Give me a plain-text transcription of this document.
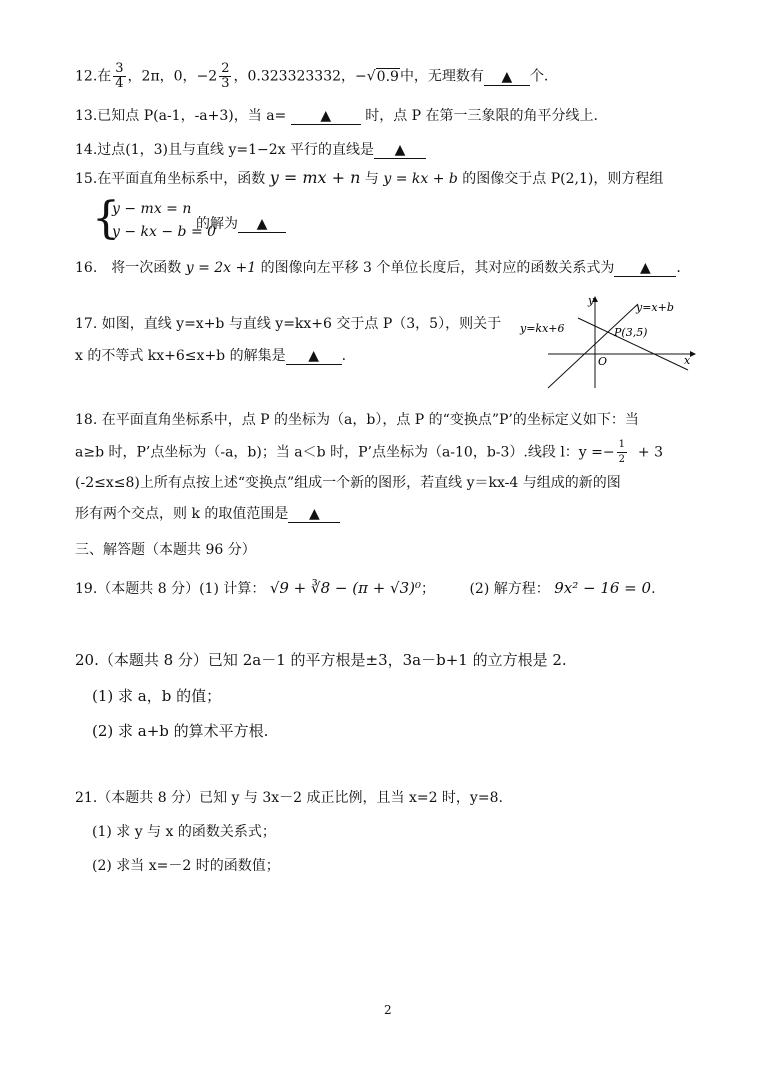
12.在 $\frac{3}{4}$ ，2π，0，$-2 \frac{2}{3}$ ，0.323323332，−√0.9中，无理数有 ▲ 个.
13.已知点 P(a-1，-a+3)，当 a= ▲ 时，点 P 在第一三象限的角平分线上.
14.过点(1，3)且与直线 y=1−2x 平行的直线是 ▲
15.在平面直角坐标系中，函数 y = mx + n 与 y = kx + b 的图像交于点 P(2,1)，则方程组
{
y − mx = n
y − kx − b = 0
的解为 ▲
16.　将一次函数 y = 2x +1 的图像向左平移 3 个单位长度后，其对应的函数关系式为 ▲ .
17. 如图，直线 y=x+b 与直线 y=kx+6 交于点 P（3，5），则关于
x 的不等式 kx+6≤x+b 的解集是 ▲ .
y
x
O
y=x+b
y=kx+6	P(3,5)
18. 在平面直角坐标系中，点 P 的坐标为（a，b），点 P 的“变换点”P’的坐标定义如下：当
a≥b 时，P’点坐标为（-a，b)；当 a＜b 时，P’点坐标为（a-10，b-3）.线段 l：$y =- \frac{1}{2} + 3$
(-2≤x≤8)上所有点按上述“变换点”组成一个新的图形，若直线 y＝kx-4 与组成的新的图
形有两个交点，则 k 的取值范围是 ▲
三、解答题（本题共 96 分）
19.（本题共 8 分）(1) 计算： √9 + ∛8 − (π + √3)⁰； (2) 解方程： 9x² − 16 = 0.
20.（本题共 8 分）已知 2a－1 的平方根是±3，3a－b+1 的立方根是 2.
(1) 求 a，b 的值；
(2) 求 a+b 的算术平方根.
21.（本题共 8 分）已知 y 与 3x－2 成正比例，且当 x=2 时，y=8.
(1) 求 y 与 x 的函数关系式；
(2) 求当 x=－2 时的函数值；
2
